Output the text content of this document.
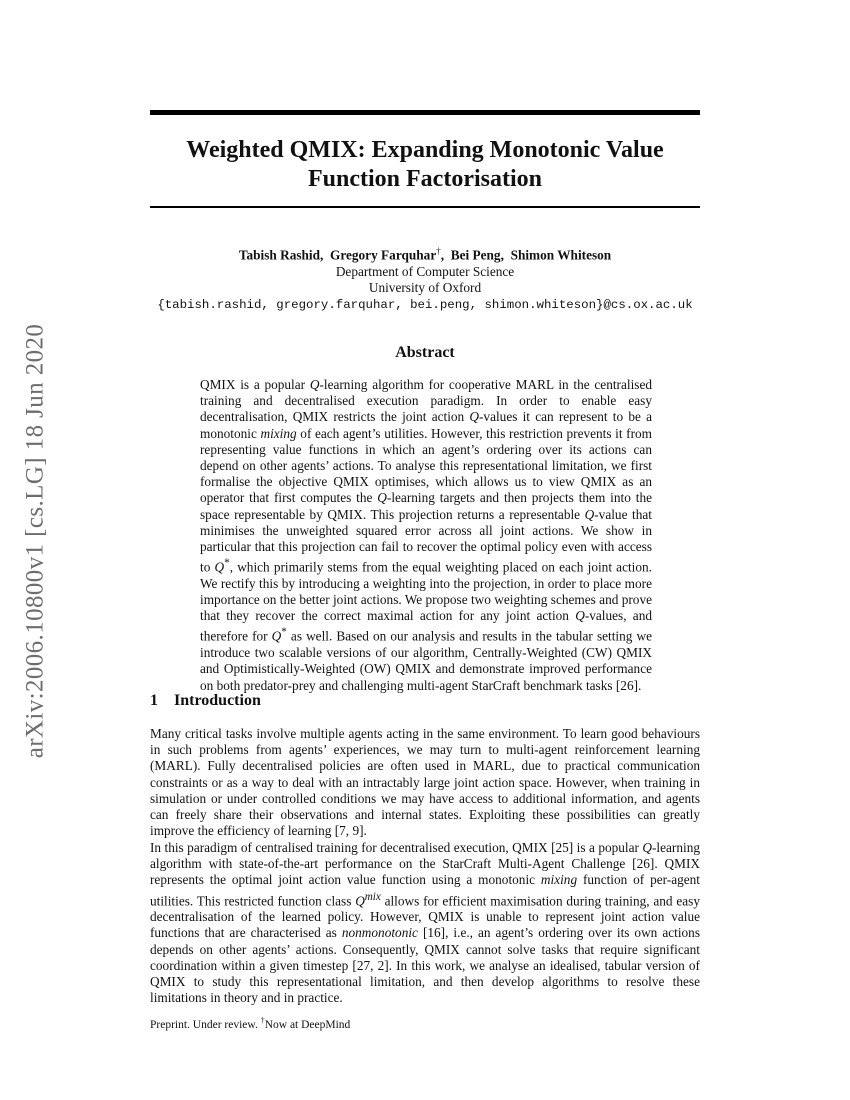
arXiv:2006.10800v1 [cs.LG] 18 Jun 2020
Weighted QMIX: Expanding Monotonic Value
Function Factorisation
Tabish Rashid, Gregory Farquhar†, Bei Peng, Shimon Whiteson
Department of Computer Science
University of Oxford
{tabish.rashid, gregory.farquhar, bei.peng, shimon.whiteson}@cs.ox.ac.uk
Abstract
QMIX is a popular Q-learning algorithm for cooperative MARL in the centralised training and decentralised execution paradigm. In order to enable easy decentralisation, QMIX restricts the joint action Q-values it can represent to be a monotonic mixing of each agent’s utilities. However, this restriction prevents it from representing value functions in which an agent’s ordering over its actions can depend on other agents’ actions. To analyse this representational limitation, we first formalise the objective QMIX optimises, which allows us to view QMIX as an operator that first computes the Q-learning targets and then projects them into the space representable by QMIX. This projection returns a representable Q-value that minimises the unweighted squared error across all joint actions. We show in particular that this projection can fail to recover the optimal policy even with access to Q*, which primarily stems from the equal weighting placed on each joint action. We rectify this by introducing a weighting into the projection, in order to place more importance on the better joint actions. We propose two weighting schemes and prove that they recover the correct maximal action for any joint action Q-values, and therefore for Q* as well. Based on our analysis and results in the tabular setting we introduce two scalable versions of our algorithm, Centrally-Weighted (CW) QMIX and Optimistically-Weighted (OW) QMIX and demonstrate improved performance on both predator-prey and challenging multi-agent StarCraft benchmark tasks [26].
1 Introduction
Many critical tasks involve multiple agents acting in the same environment. To learn good behaviours in such problems from agents’ experiences, we may turn to multi-agent reinforcement learning (MARL). Fully decentralised policies are often used in MARL, due to practical communication constraints or as a way to deal with an intractably large joint action space. However, when training in simulation or under controlled conditions we may have access to additional information, and agents can freely share their observations and internal states. Exploiting these possibilities can greatly improve the efficiency of learning [7, 9].
In this paradigm of centralised training for decentralised execution, QMIX [25] is a popular Q-learning algorithm with state-of-the-art performance on the StarCraft Multi-Agent Challenge [26]. QMIX represents the optimal joint action value function using a monotonic mixing function of per-agent utilities. This restricted function class $Q^{mix}$ allows for efficient maximisation during training, and easy decentralisation of the learned policy. However, QMIX is unable to represent joint action value functions that are characterised as nonmonotonic [16], i.e., an agent’s ordering over its own actions depends on other agents’ actions. Consequently, QMIX cannot solve tasks that require significant coordination within a given timestep [27, 2]. In this work, we analyse an idealised, tabular version of QMIX to study this representational limitation, and then develop algorithms to resolve these limitations in theory and in practice.
Preprint. Under review. †Now at DeepMind
